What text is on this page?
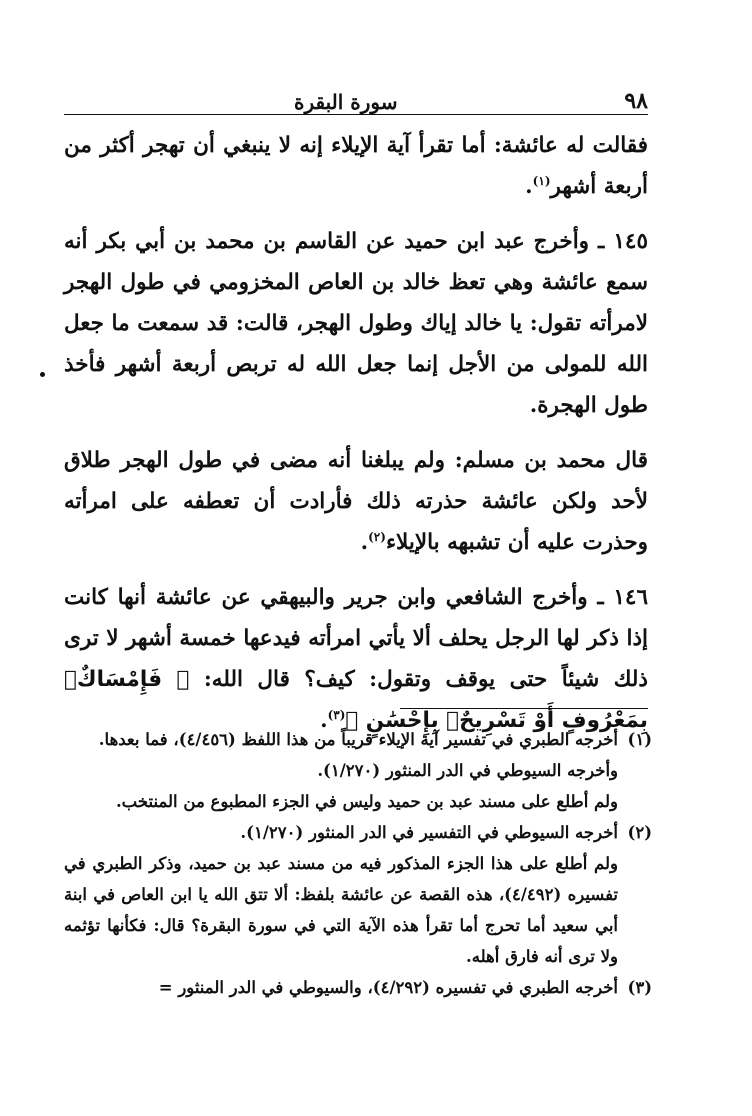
٩٨
سورة البقرة

فقالت له عائشة: أما تقرأ آية الإيلاء إنه لا ينبغي أن تهجر أكثر من أربعة أشهر$^{(١)}$.

١٤٥ ـ وأخرج عبد ابن حميد عن القاسم بن محمد بن أبي بكر أنه سمع عائشة وهي تعظ خالد بن العاص المخزومي في طول الهجر لامرأته تقول: يا خالد إياك وطول الهجر، قالت: قد سمعت ما جعل الله للمولى من الأجل إنما جعل الله له تربص أربعة أشهر فأخذ طول الهجرة.

قال محمد بن مسلم: ولم يبلغنا أنه مضى في طول الهجر طلاق لأحد ولكن عائشة حذرته ذلك فأرادت أن تعطفه على امرأته وحذرت عليه أن تشبهه بالإيلاء$^{(٢)}$.

١٤٦ ـ وأخرج الشافعي وابن جرير والبيهقي عن عائشة أنها كانت إذا ذكر لها الرجل يحلف ألا يأتي امرأته فيدعها خمسة أشهر لا ترى ذلك شيئاً حتى يوقف وتقول: كيف؟ قال الله: ﴿ فَإِمْسَاكٌۢ بِمَعْرُوفٍ أَوْ تَسْرِيحٌۢ بِإِحْسَٰنٍ ﴾$^{(٣)}$.

(١)
أخرجه الطبري في تفسير آية الإيلاء قريباً من هذا اللفظ (٤/٤٥٦)، فما بعدها.
وأخرجه السيوطي في الدر المنثور (١/٢٧٠).
ولم أطلع على مسند عبد بن حميد وليس في الجزء المطبوع من المنتخب.
(٢)
أخرجه السيوطي في التفسير في الدر المنثور (١/٢٧٠).
ولم أطلع على هذا الجزء المذكور فيه من مسند عبد بن حميد، وذكر الطبري في تفسيره (٤/٤٩٢)، هذه القصة عن عائشة بلفظ: ألا تتق الله يا ابن العاص في ابنة أبي سعيد أما تحرج أما تقرأ هذه الآية التي في سورة البقرة؟ قال: فكأنها تؤثمه ولا ترى أنه فارق أهله.
(٣)
أخرجه الطبري في تفسيره (٤/٢٩٢)، والسيوطي في الدر المنثور =
